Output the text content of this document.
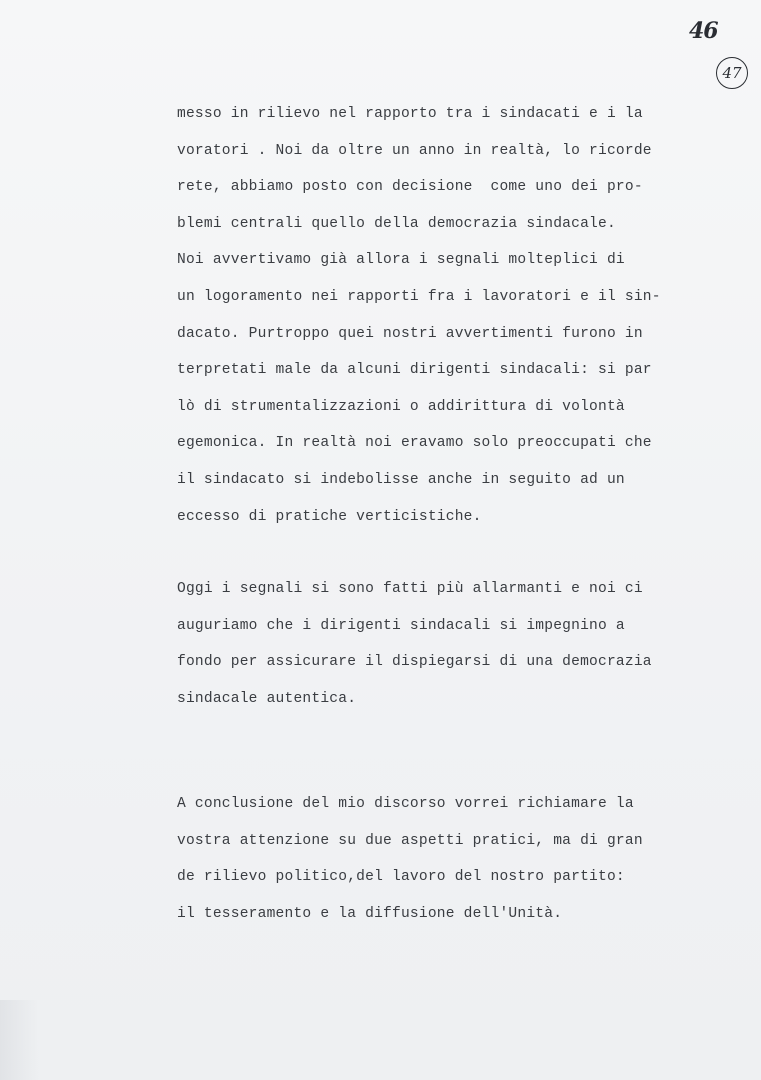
46
47
messo in rilievo nel rapporto tra i sindacati e i la
voratori . Noi da oltre un anno in realtà, lo ricorde
rete, abbiamo posto con decisione  come uno dei pro-
blemi centrali quello della democrazia sindacale.
Noi avvertivamo già allora i segnali molteplici di
un logoramento nei rapporti fra i lavoratori e il sin-
dacato. Purtroppo quei nostri avvertimenti furono in
terpretati male da alcuni dirigenti sindacali: si par
lò di strumentalizzazioni o addirittura di volontà
egemonica. In realtà noi eravamo solo preoccupati che
il sindacato si indebolisse anche in seguito ad un
eccesso di pratiche verticistiche.
Oggi i segnali si sono fatti più allarmanti e noi ci
auguriamo che i dirigenti sindacali si impegnino a
fondo per assicurare il dispiegarsi di una democrazia
sindacale autentica.
A conclusione del mio discorso vorrei richiamare la
vostra attenzione su due aspetti pratici, ma di gran
de rilievo politico,del lavoro del nostro partito:
il tesseramento e la diffusione dell'Unità.
